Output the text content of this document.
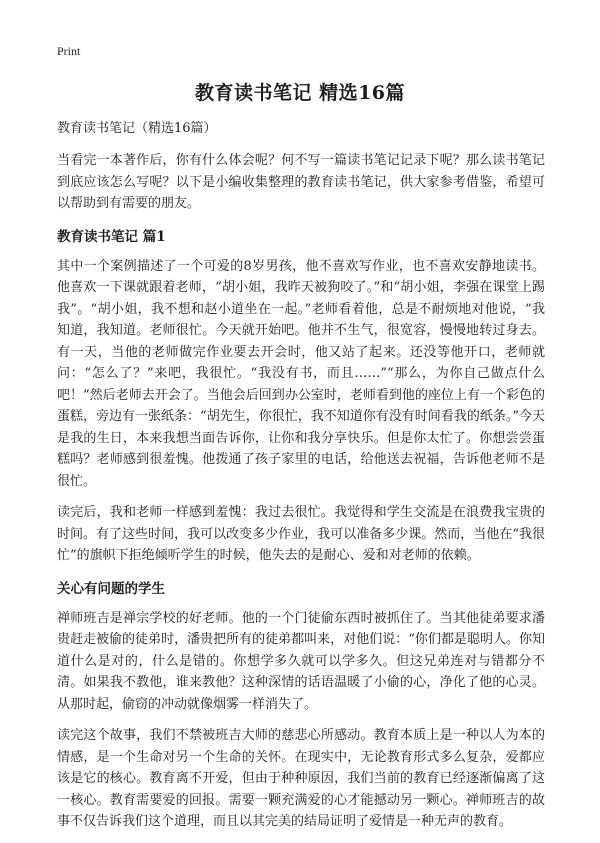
Print
教育读书笔记 精选16篇

教育读书笔记（精选16篇）

当看完一本著作后，你有什么体会呢？何不写一篇读书笔记记录下呢？那么读书笔记到底应该怎么写呢？以下是小编收集整理的教育读书笔记，供大家参考借鉴，希望可以帮助到有需要的朋友。

教育读书笔记 篇1

其中一个案例描述了一个可爱的8岁男孩，他不喜欢写作业，也不喜欢安静地读书。他喜欢一下课就跟着老师，“胡小姐，我昨天被狗咬了。”和“胡小姐，李强在课堂上踢我”。“胡小姐，我不想和赵小道坐在一起。”老师看着他，总是不耐烦地对他说，“我知道，我知道。老师很忙。今天就开始吧。他并不生气，很宽容，慢慢地转过身去。有一天，当他的老师做完作业要去开会时，他又站了起来。还没等他开口，老师就问：“怎么了？”来吧，我很忙。“我没有书，而且……”“那么，为你自己做点什么吧！”然后老师去开会了。当他会后回到办公室时，老师看到他的座位上有一个彩色的蛋糕，旁边有一张纸条：“胡先生，你很忙，我不知道你有没有时间看我的纸条。”今天是我的生日，本来我想当面告诉你，让你和我分享快乐。但是你太忙了。你想尝尝蛋糕吗？老师感到很羞愧。他拨通了孩子家里的电话，给他送去祝福，告诉他老师不是很忙。

读完后，我和老师一样感到羞愧：我过去很忙。我觉得和学生交流是在浪费我宝贵的时间。有了这些时间，我可以改变多少作业，我可以准备多少课。然而，当他在“我很忙”的旗帜下拒绝倾听学生的时候，他失去的是耐心、爱和对老师的依赖。

关心有问题的学生

禅师班吉是禅宗学校的好老师。他的一个门徒偷东西时被抓住了。当其他徒弟要求潘贵赶走被偷的徒弟时，潘贵把所有的徒弟都叫来，对他们说：“你们都是聪明人。你知道什么是对的，什么是错的。你想学多久就可以学多久。但这兄弟连对与错都分不清。如果我不教他，谁来教他？这种深情的话语温暖了小偷的心，净化了他的心灵。从那时起，偷窃的冲动就像烟雾一样消失了。

读完这个故事，我们不禁被班吉大师的慈悲心所感动。教育本质上是一种以人为本的情感，是一个生命对另一个生命的关怀。在现实中，无论教育形式多么复杂，爱都应该是它的核心。教育离不开爱，但由于种种原因，我们当前的教育已经逐渐偏离了这一核心。教育需要爱的回报。需要一颗充满爱的心才能撼动另一颗心。禅师班吉的故事不仅告诉我们这个道理，而且以其完美的结局证明了爱情是一种无声的教育。
